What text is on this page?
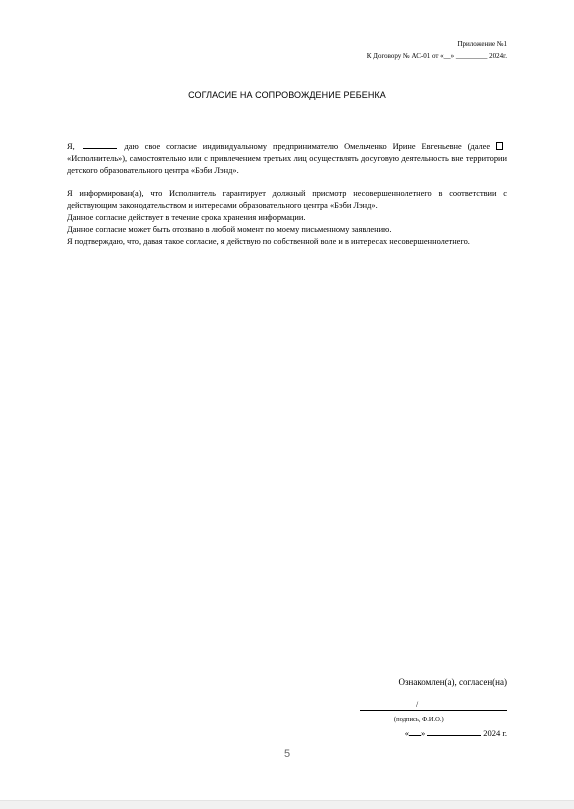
Приложение №1
К Договору № АС-01 от «__» _________ 2024г.
СОГЛАСИЕ НА СОПРОВОЖДЕНИЕ РЕБЕНКА

Я,	даю свое согласие индивидуальному предпринимателю Омельченко Ирине Евгеньевне (далее «Исполнитель»), самостоятельно или с привлечением третьих лиц осуществлять досуговую деятельность вне территории детского образовательного центра «Бэби Лэнд».

Я информирован(а), что Исполнитель гарантирует должный присмотр несовершеннолетнего в соответствии с действующим законодательством и интересами образовательного центра «Бэби Лэнд».

Данное согласие действует в течение срока хранения информации.

Данное согласие может быть отозвано в любой момент по моему письменному заявлению.

Я подтверждаю, что, давая такое согласие, я действую по собственной воле и в интересах несовершеннолетнего.

Ознакомлен(а), согласен(на)
/
(подпись, Ф.И.О.)
« »	2024 г.
5
